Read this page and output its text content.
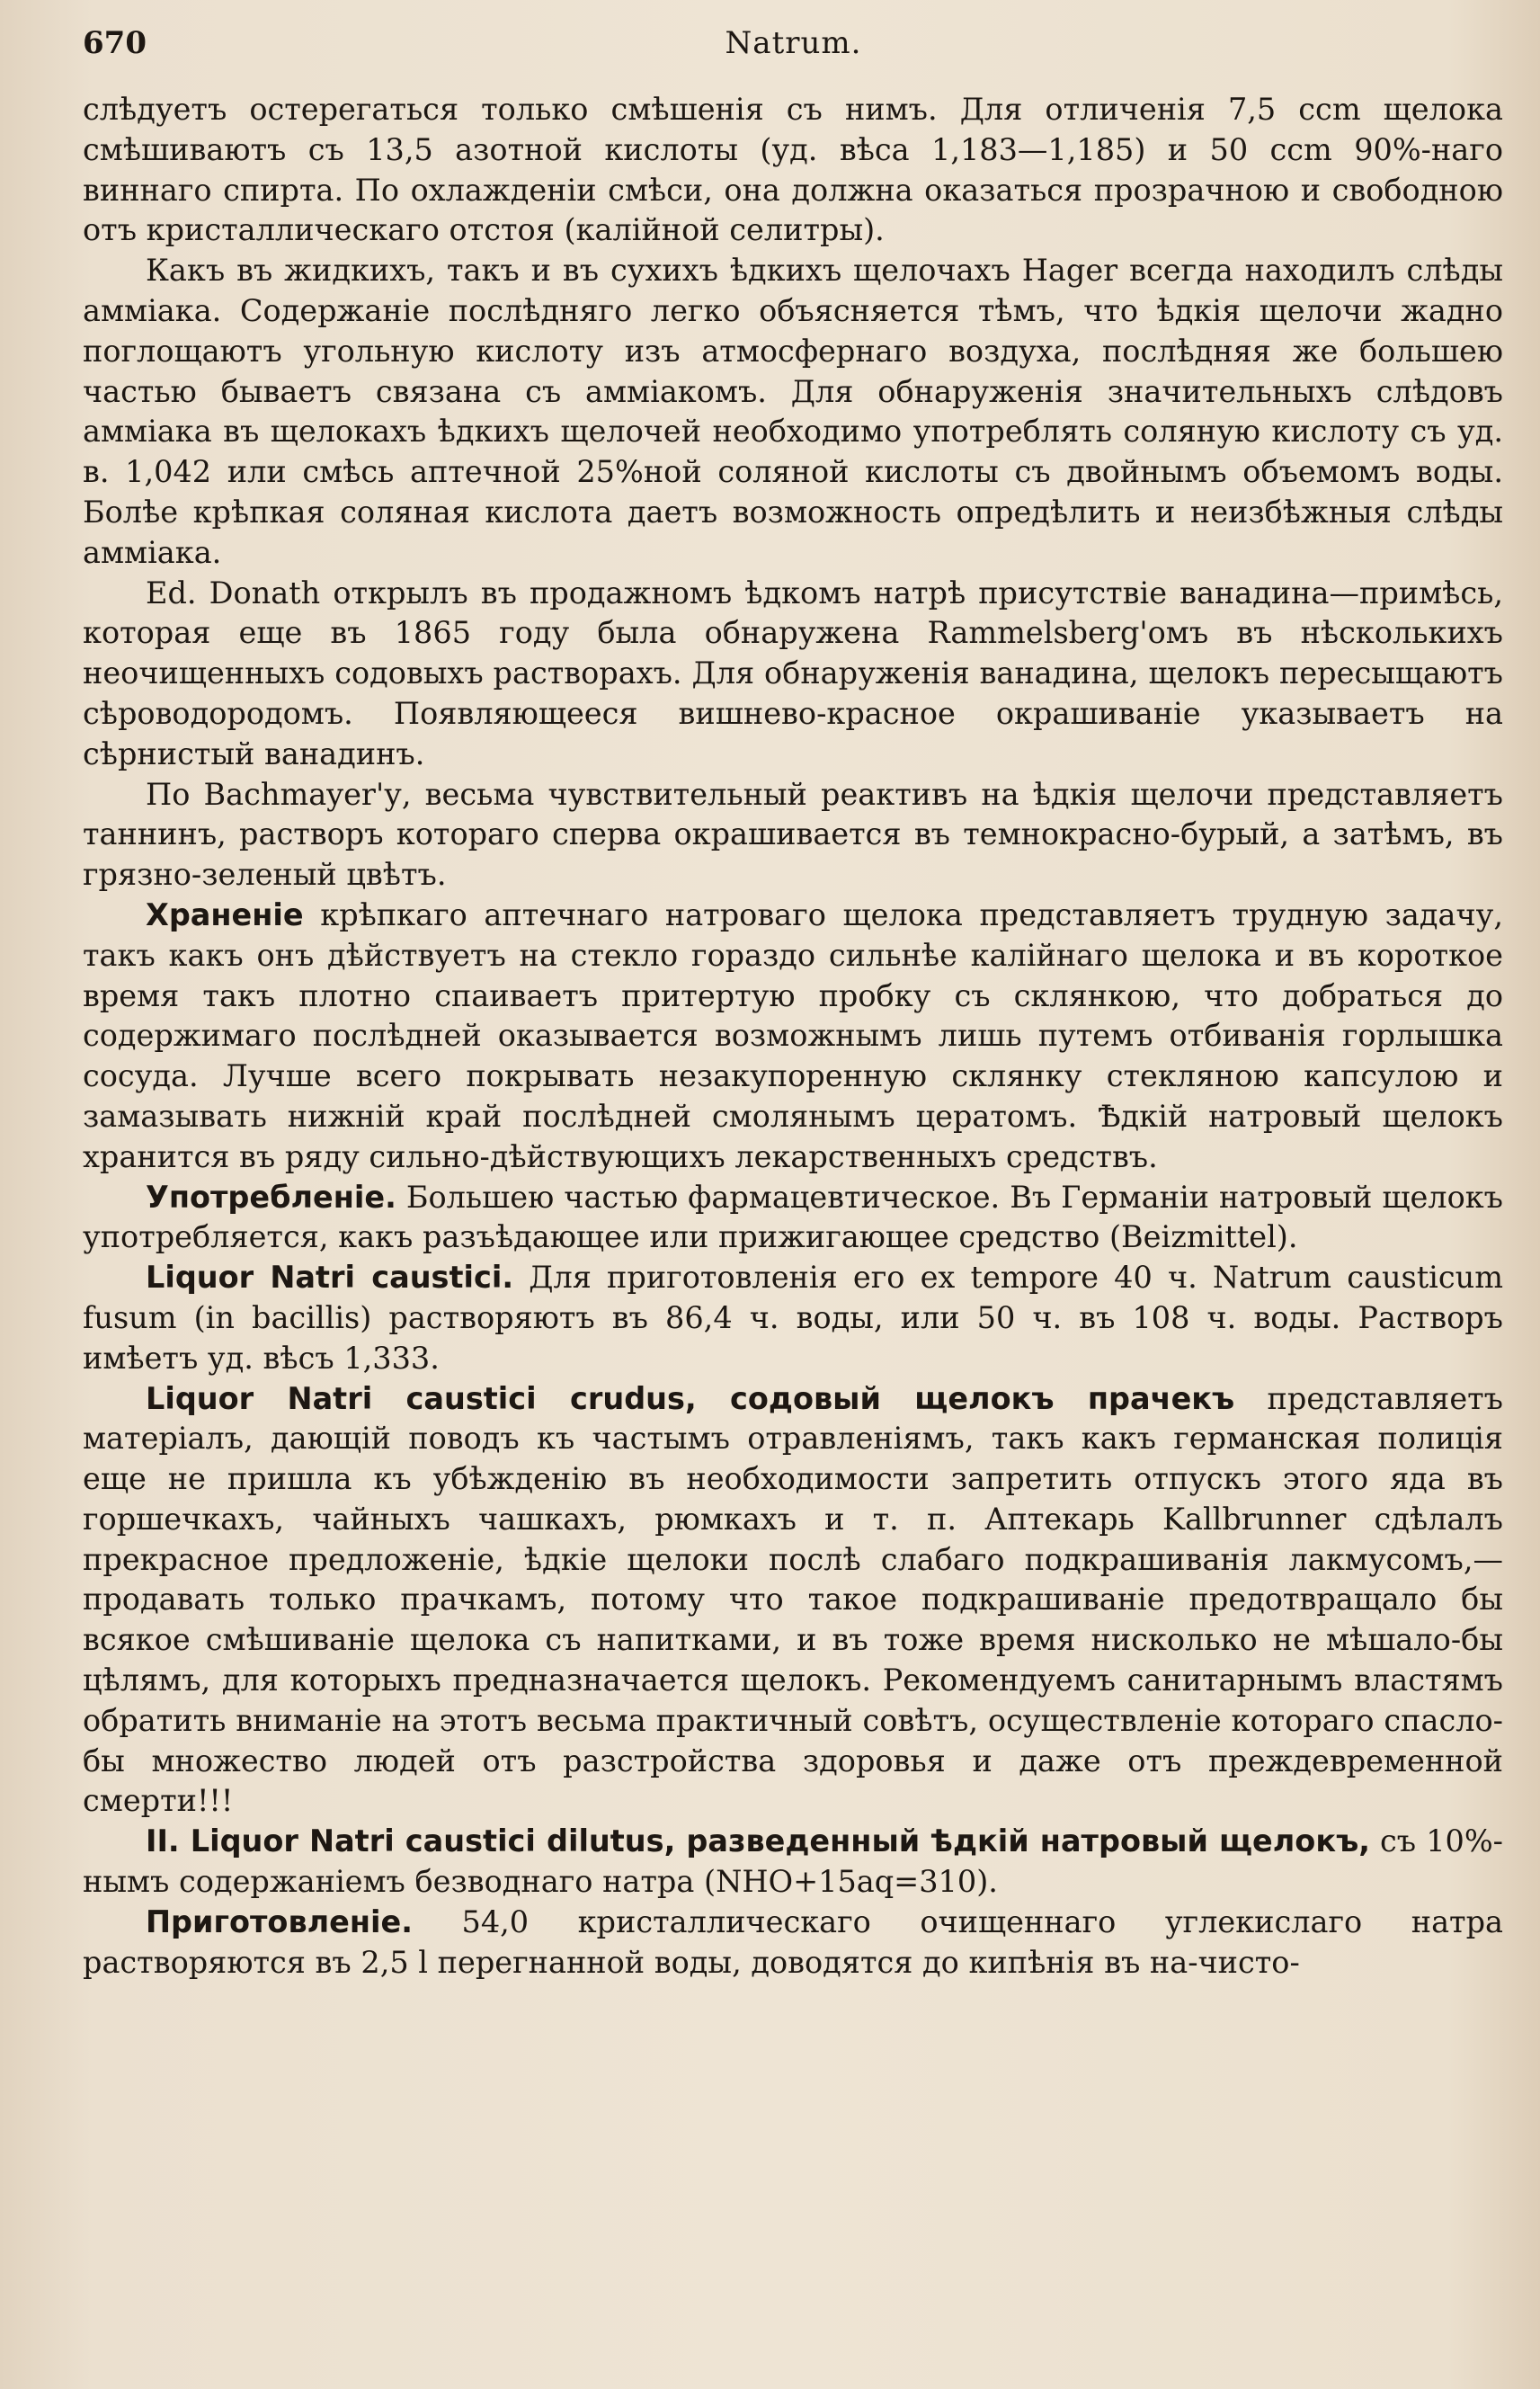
670	Natrum.

слѣдуетъ остерегаться только смѣшенія съ нимъ. Для отличенія 7,5 ccm щелока смѣшиваютъ съ 13,5 азотной кислоты (уд. вѣса 1,183—1,185) и 50 ccm 90%-наго виннаго спирта. По охлажденіи смѣси, она должна оказаться прозрачною и свободною отъ кристаллическаго отстоя (калійной селитры).

Какъ въ жидкихъ, такъ и въ сухихъ ѣдкихъ щелочахъ Hager всегда находилъ слѣды амміака. Содержаніе послѣдняго легко объясняется тѣмъ, что ѣдкія щелочи жадно поглощаютъ угольную кислоту изъ атмосфернаго воздуха, послѣдняя же большею частью бываетъ связана съ амміакомъ. Для обнаруженія значительныхъ слѣдовъ амміака въ щелокахъ ѣдкихъ щелочей необходимо употреблять соляную кислоту съ уд. в. 1,042 или смѣсь аптечной 25%ной соляной кислоты съ двойнымъ объемомъ воды. Болѣе крѣпкая соляная кислота даетъ возможность опредѣлить и неизбѣжныя слѣды амміака.

Ed. Donath открылъ въ продажномъ ѣдкомъ натрѣ присутствіе ванадина—примѣсь, которая еще въ 1865 году была обнаружена Rammelsberg'омъ въ нѣсколькихъ неочищенныхъ содовыхъ растворахъ. Для обнаруженія ванадина, щелокъ пересыщаютъ сѣроводородомъ. Появляющееся вишнево-красное окрашиваніе указываетъ на сѣрнистый ванадинъ.

По Bachmayer'у, весьма чувствительный реактивъ на ѣдкія щелочи представляетъ таннинъ, растворъ котораго сперва окрашивается въ темнокрасно-бурый, а затѣмъ, въ грязно-зеленый цвѣтъ.

Храненіе крѣпкаго аптечнаго натроваго щелока представляетъ трудную задачу, такъ какъ онъ дѣйствуетъ на стекло гораздо сильнѣе калійнаго щелока и въ короткое время такъ плотно спаиваетъ притертую пробку съ склянкою, что добраться до содержимаго послѣдней оказывается возможнымъ лишь путемъ отбиванія горлышка сосуда. Лучше всего покрывать незакупоренную склянку стекляною капсулою и замазывать нижній край послѣдней смолянымъ цератомъ. Ѣдкій натровый щелокъ хранится въ ряду сильно-дѣйствующихъ лекарственныхъ средствъ.

Употребленіе. Большею частью фармацевтическое. Въ Германіи натровый щелокъ употребляется, какъ разъѣдающее или прижигающее средство (Beizmittel).

Liquor Natri caustici. Для приготовленія его ex tempore 40 ч. Natrum causticum fusum (in bacillis) растворяютъ въ 86,4 ч. воды, или 50 ч. въ 108 ч. воды. Растворъ имѣетъ уд. вѣсъ 1,333.

Liquor Natri caustici crudus, содовый щелокъ прачекъ представляетъ матеріалъ, дающій поводъ къ частымъ отравленіямъ, такъ какъ германская полиція еще не пришла къ убѣжденію въ необходимости запретить отпускъ этого яда въ горшечкахъ, чайныхъ чашкахъ, рюмкахъ и т. п. Аптекарь Kallbrunner сдѣлалъ прекрасное предложеніе, ѣдкіе щелоки послѣ слабаго подкрашиванія лакмусомъ,—продавать только прачкамъ, потому что такое подкрашиваніе предотвращало бы всякое смѣшиваніе щелока съ напитками, и въ тоже время нисколько не мѣшало-бы цѣлямъ, для которыхъ предназначается щелокъ. Рекомендуемъ санитарнымъ властямъ обратить вниманіе на этотъ весьма практичный совѣтъ, осуществленіе котораго спасло-бы множество людей отъ разстройства здоровья и даже отъ преждевременной смерти!!!

II. Liquor Natri caustici dilutus, разведенный ѣдкій натровый щелокъ, съ 10%-нымъ содержаніемъ безводнаго натра (NHO+15aq=310).

Приготовленіе. 54,0 кристаллическаго очищеннаго углекислаго натра растворяются въ 2,5 l перегнанной воды, доводятся до кипѣнія въ на-чисто-
